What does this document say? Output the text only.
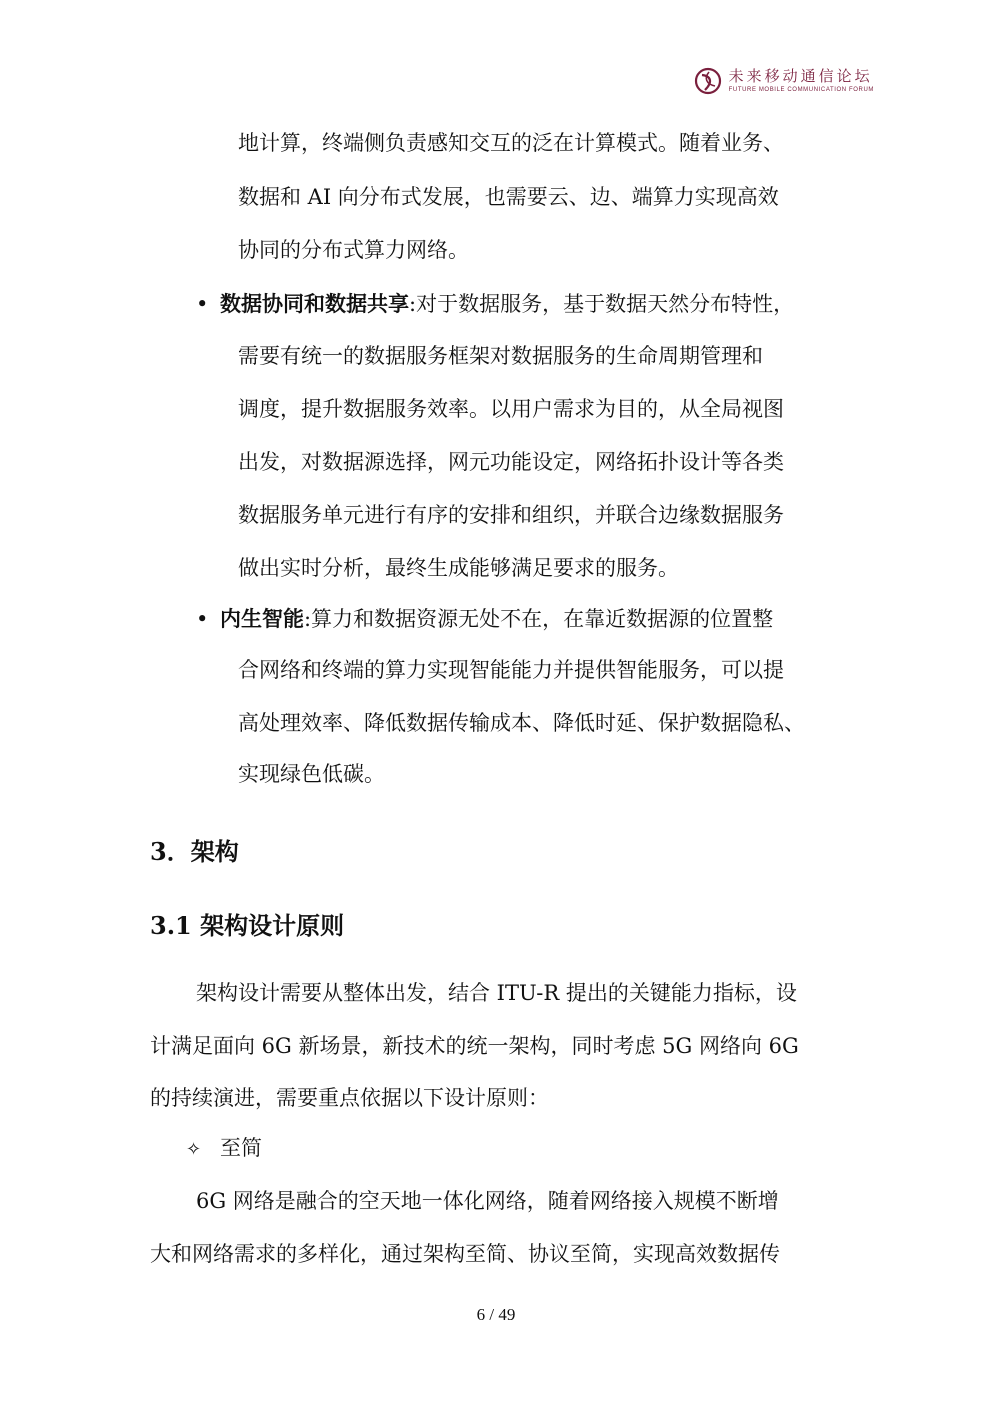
未来移动通信论坛
FUTURE MOBILE COMMUNICATION FORUM
地计算，终端侧负责感知交互的泛在计算模式。随着业务、
数据和 AI 向分布式发展，也需要云、边、端算力实现高效
协同的分布式算力网络。
• 数据协同和数据共享:对于数据服务，基于数据天然分布特性，
需要有统一的数据服务框架对数据服务的生命周期管理和
调度，提升数据服务效率。以用户需求为目的，从全局视图
出发，对数据源选择，网元功能设定，网络拓扑设计等各类
数据服务单元进行有序的安排和组织，并联合边缘数据服务
做出实时分析，最终生成能够满足要求的服务。
• 内生智能:算力和数据资源无处不在，在靠近数据源的位置整
合网络和终端的算力实现智能能力并提供智能服务，可以提
高处理效率、降低数据传输成本、降低时延、保护数据隐私、
实现绿色低碳。
3．架构
3.1 架构设计原则
架构设计需要从整体出发，结合 ITU-R 提出的关键能力指标，设
计满足面向 6G 新场景，新技术的统一架构，同时考虑 5G 网络向 6G
的持续演进，需要重点依据以下设计原则：
✧ 至简
6G 网络是融合的空天地一体化网络，随着网络接入规模不断增
大和网络需求的多样化，通过架构至简、协议至简，实现高效数据传
6 / 49
